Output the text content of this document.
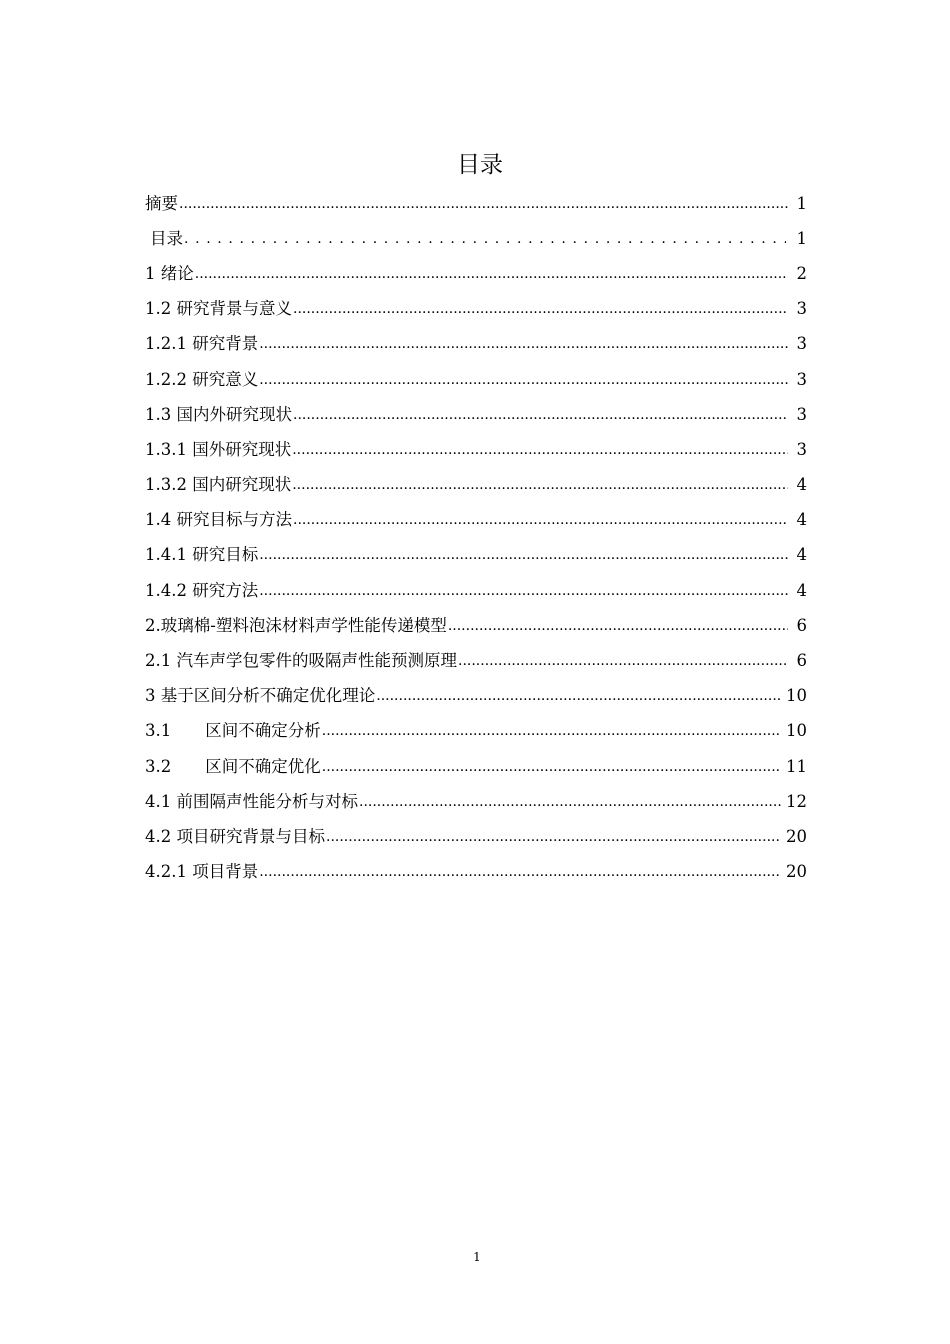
目录
摘要 .....	1
目录 . . .	1
1 绪论 .....	2
1.2 研究背景与意义 .....	3
1.2.1 研究背景 .....	3
1.2.2 研究意义 .....	3
1.3 国内外研究现状 .....	3
1.3.1 国外研究现状 .....	3
1.3.2 国内研究现状 .....	4
1.4 研究目标与方法 .....	4
1.4.1 研究目标 .....	4
1.4.2 研究方法 .....	4
2.玻璃棉-塑料泡沫材料声学性能传递模型 .....	6
2.1 汽车声学包零件的吸隔声性能预测原理 .....	6
3 基于区间分析不确定优化理论 .....	10
3.1 区间不确定分析 .....	10
3.2 区间不确定优化 .....	11
4.1 前围隔声性能分析与对标 .....	12
4.2 项目研究背景与目标 .....	20
4.2.1 项目背景 .....	20
1
